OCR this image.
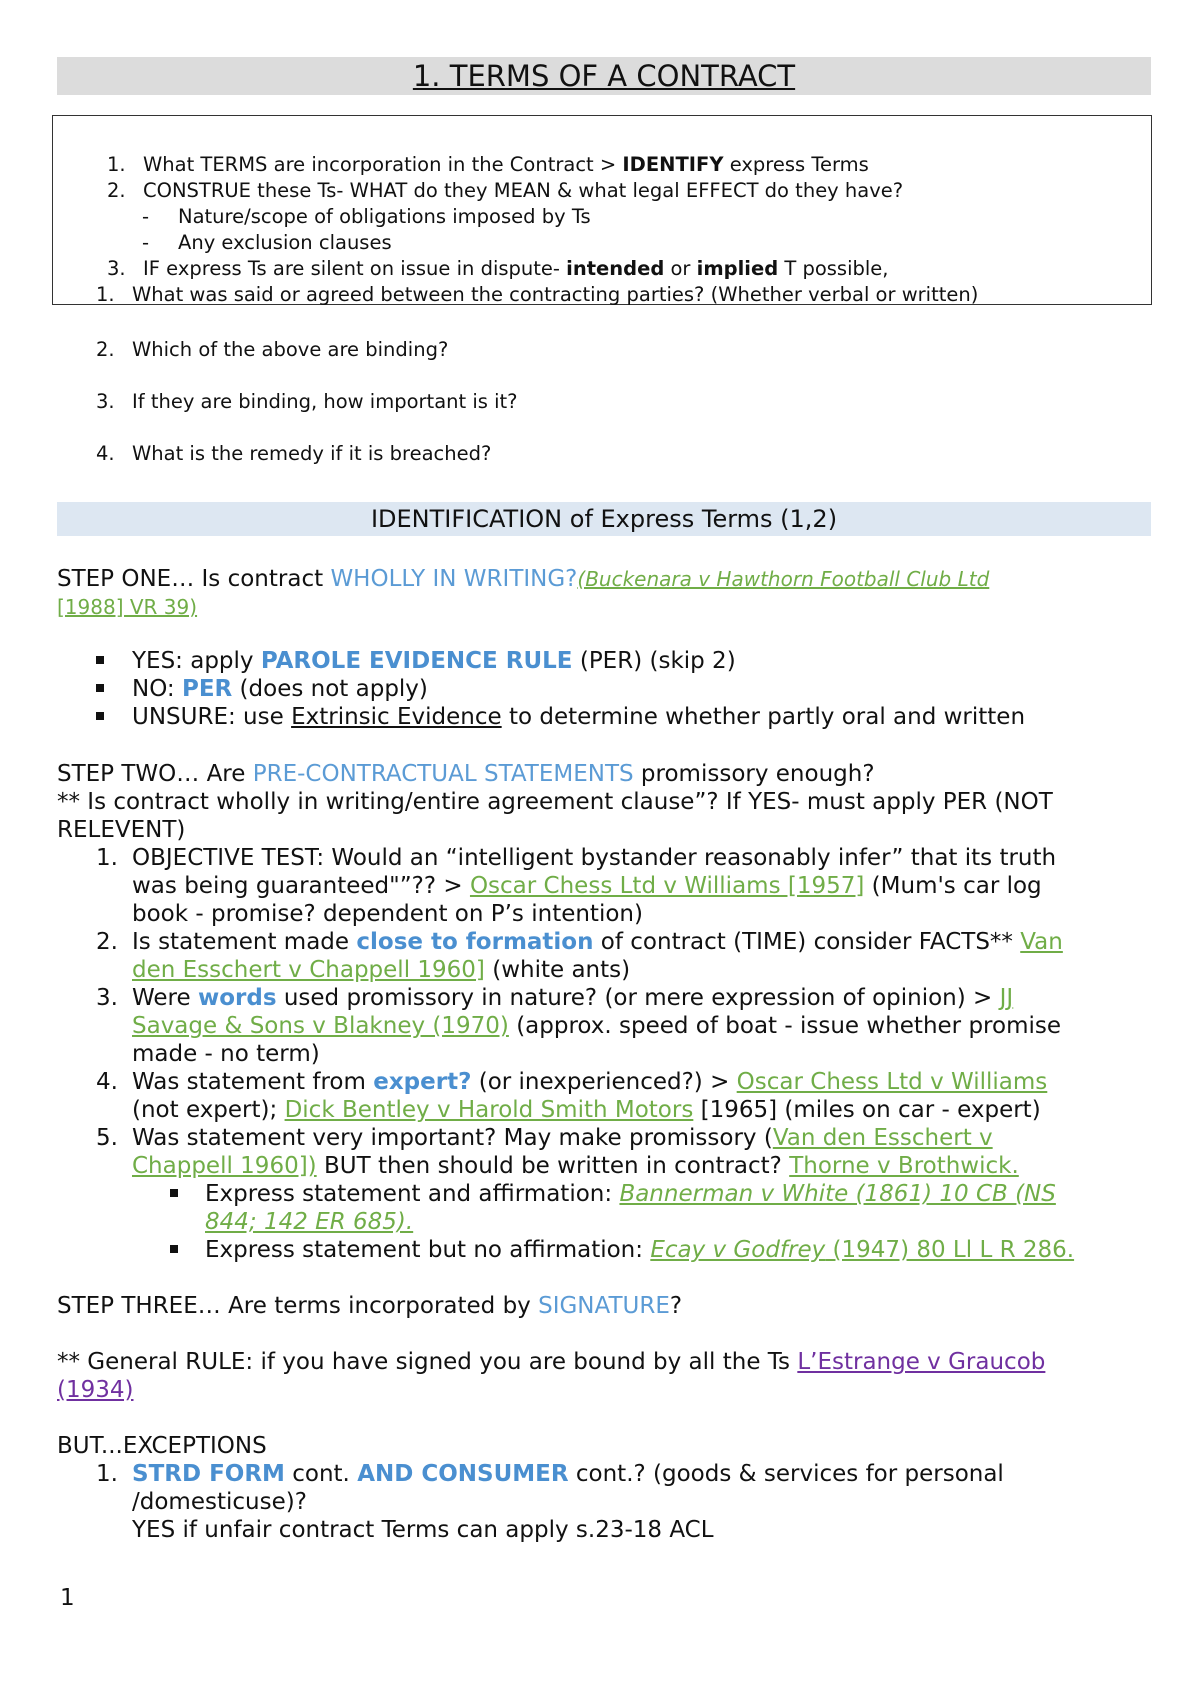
1. TERMS OF A CONTRACT
1. What TERMS are incorporation in the Contract > IDENTIFY express Terms
2. CONSTRUE these Ts- WHAT do they MEAN & what legal EFFECT do they have?
- Nature/scope of obligations imposed by Ts
- Any exclusion clauses
3. IF express Ts are silent on issue in dispute- intended or implied T possible,
1. What was said or agreed between the contracting parties? (Whether verbal or written)
2. Which of the above are binding?
3. If they are binding, how important is it?
4. What is the remedy if it is breached?
IDENTIFICATION of Express Terms (1,2)
STEP ONE… Is contract WHOLLY IN WRITING?(Buckenara v Hawthorn Football Club Ltd
[1988] VR 39)
YES: apply PAROLE EVIDENCE RULE (PER) (skip 2)
NO: PER (does not apply)
UNSURE: use Extrinsic Evidence to determine whether partly oral and written
STEP TWO… Are PRE-CONTRACTUAL STATEMENTS promissory enough?
** Is contract wholly in writing/entire agreement clause”? If YES- must apply PER (NOT
RELEVENT)
1. OBJECTIVE TEST: Would an “intelligent bystander reasonably infer” that its truth
was being guaranteed"”?? > Oscar Chess Ltd v Williams [1957] (Mum's car log
book - promise? dependent on P’s intention)
2. Is statement made close to formation of contract (TIME) consider FACTS** Van
den Esschert v Chappell 1960] (white ants)
3. Were words used promissory in nature? (or mere expression of opinion) > JJ
Savage & Sons v Blakney (1970) (approx. speed of boat - issue whether promise
made - no term)
4. Was statement from expert? (or inexperienced?) > Oscar Chess Ltd v Williams
(not expert); Dick Bentley v Harold Smith Motors [1965] (miles on car - expert)
5. Was statement very important? May make promissory (Van den Esschert v
Chappell 1960]) BUT then should be written in contract? Thorne v Brothwick.
Express statement and affirmation: Bannerman v White (1861) 10 CB (NS
844; 142 ER 685).
Express statement but no affirmation: Ecay v Godfrey (1947) 80 Ll L R 286.
STEP THREE… Are terms incorporated by SIGNATURE?
** General RULE: if you have signed you are bound by all the Ts L’Estrange v Graucob
(1934)
BUT...EXCEPTIONS
1. STRD FORM cont. AND CONSUMER cont.? (goods & services for personal
/domesticuse)?
YES if unfair contract Terms can apply s.23-18 ACL
1
